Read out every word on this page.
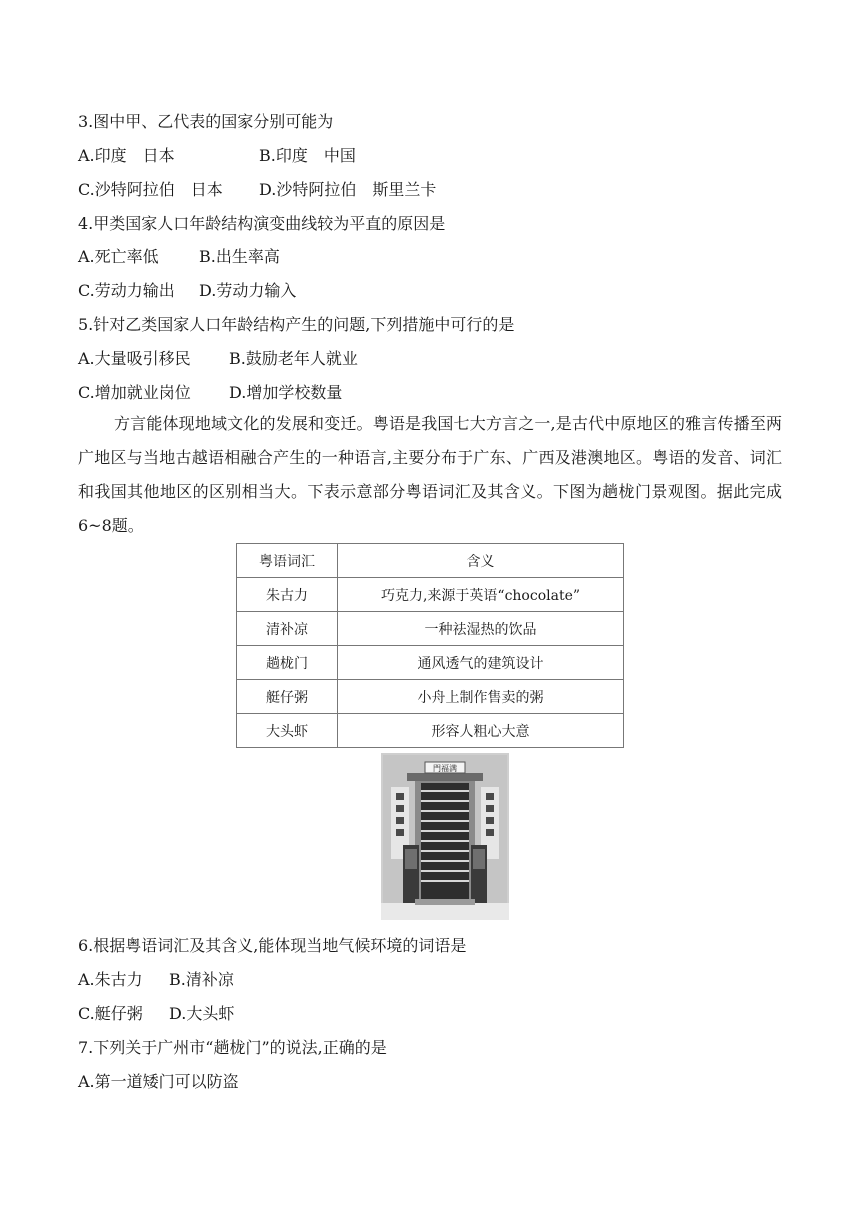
3.图中甲、乙代表的国家分别可能为
A.印度　日本	B.印度　中国
C.沙特阿拉伯　日本 D.沙特阿拉伯　斯里兰卡
4.甲类国家人口年龄结构演变曲线较为平直的原因是
A.死亡率低	B.出生率高
C.劳动力输出 D.劳动力输入
5.针对乙类国家人口年龄结构产生的问题,下列措施中可行的是
A.大量吸引移民 B.鼓励老年人就业
C.增加就业岗位 D.增加学校数量
方言能体现地域文化的发展和变迁。粤语是我国七大方言之一,是古代中原地区的雅言传播至两广地区与当地古越语相融合产生的一种语言,主要分布于广东、广西及港澳地区。粤语的发音、词汇和我国其他地区的区别相当大。下表示意部分粤语词汇及其含义。下图为趟栊门景观图。据此完成6~8题。
粤语词汇	含义
朱古力	巧克力,来源于英语“chocolate”
清补凉	一种祛湿热的饮品
趟栊门	通风透气的建筑设计
艇仔粥	小舟上制作售卖的粥
大头虾	形容人粗心大意
門福满
6.根据粤语词汇及其含义,能体现当地气候环境的词语是
A.朱古力 B.清补凉
C.艇仔粥 D.大头虾
7.下列关于广州市“趟栊门”的说法,正确的是
A.第一道矮门可以防盗
